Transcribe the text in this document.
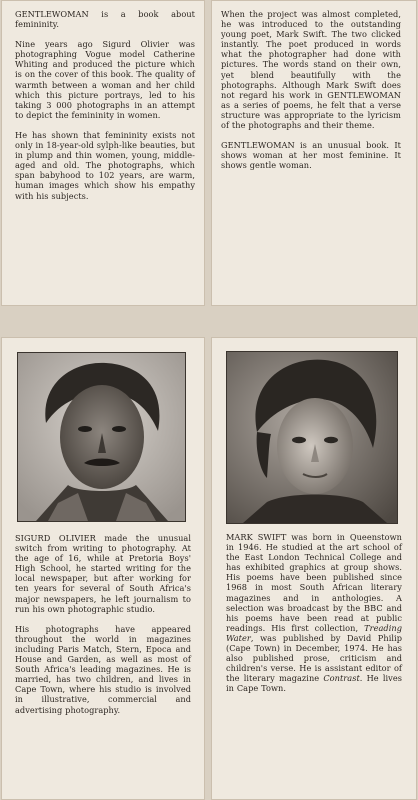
GENTLEWOMAN is a book about femininity.

Nine years ago Sigurd Olivier was photographing Vogue model Catherine Whiting and produced the picture which is on the cover of this book. The quality of warmth between a woman and her child which this picture portrays, led to his taking 3 000 photographs in an attempt to depict the femininity in women.

He has shown that femininity exists not only in 18-year-old sylph-like beauties, but in plump and thin women, young, middle-aged and old. The photographs, which span babyhood to 102 years, are warm, human images which show his empathy with his subjects.

When the project was almost completed, he was introduced to the outstanding young poet, Mark Swift. The two clicked instantly. The poet produced in words what the photographer had done with pictures. The words stand on their own, yet blend beautifully with the photographs. Although Mark Swift does not regard his work in GENTLEWOMAN as a series of poems, he felt that a verse structure was appropriate to the lyricism of the photographs and their theme.

GENTLEWOMAN is an unusual book. It shows woman at her most feminine. It shows gentle woman.

SIGURD OLIVIER made the unusual switch from writing to photography. At the age of 16, while at Pretoria Boys' High School, he started writing for the local newspaper, but after working for ten years for several of South Africa's major newspapers, he left journalism to run his own photographic studio.

His photographs have appeared throughout the world in magazines including Paris Match, Stern, Epoca and House and Garden, as well as most of South Africa's leading magazines. He is married, has two children, and lives in Cape Town, where his studio is involved in illustrative, commercial and advertising photography.

MARK SWIFT was born in Queenstown in 1946. He studied at the art school of the East London Technical College and has exhibited graphics at group shows. His poems have been published since 1968 in most South African literary magazines and in anthologies. A selection was broadcast by the BBC and his poems have been read at public readings. His first collection, Treading Water, was published by David Philip (Cape Town) in December, 1974. He has also published prose, criticism and children's verse. He is assistant editor of the literary magazine Contrast. He lives in Cape Town.
